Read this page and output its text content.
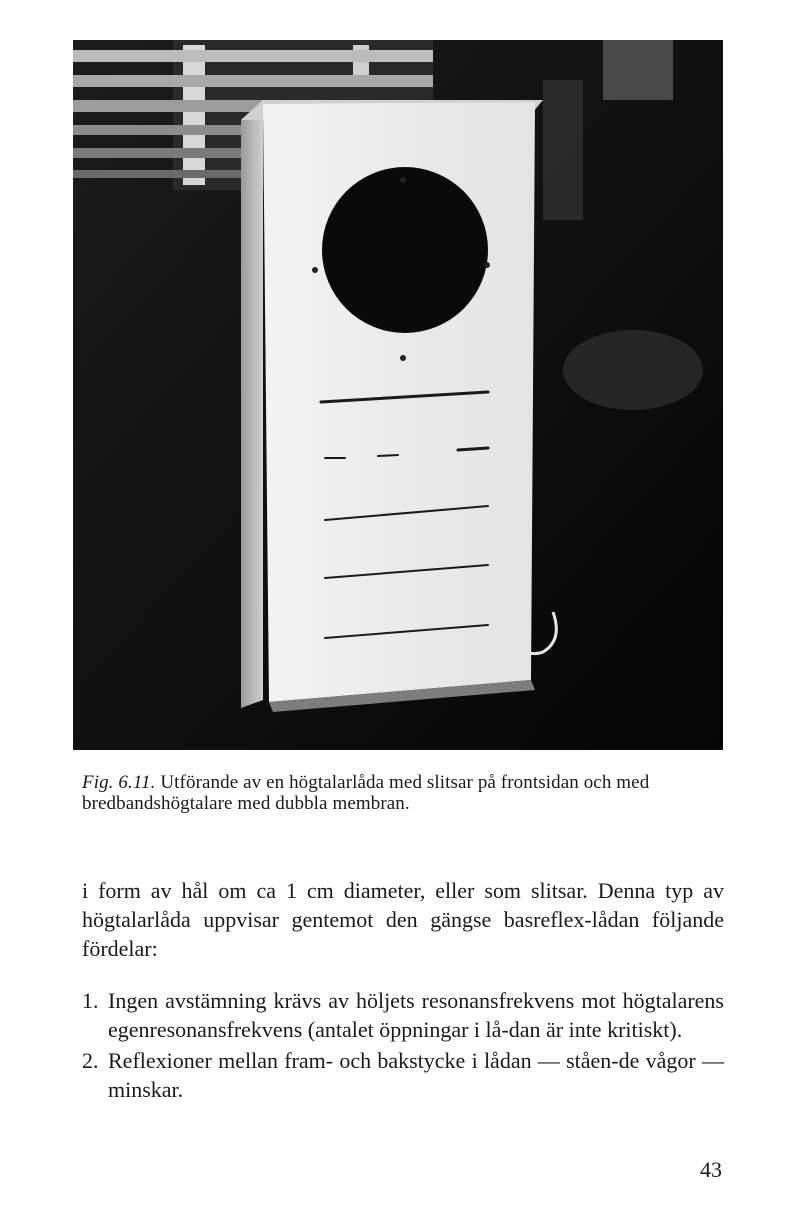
Fig. 6.11. Utförande av en högtalarlåda med slitsar på frontsidan och med bredbandshögtalare med dubbla membran.

i form av hål om ca 1 cm diameter, eller som slitsar. Denna typ av högtalarlåda uppvisar gentemot den gängse basreflex-lådan följande fördelar:

1. Ingen avstämning krävs av höljets resonansfrekvens mot högtalarens egenresonansfrekvens (antalet öppningar i lå-dan är inte kritiskt).
2. Reflexioner mellan fram- och bakstycke i lådan — ståen-de vågor — minskar.
43
